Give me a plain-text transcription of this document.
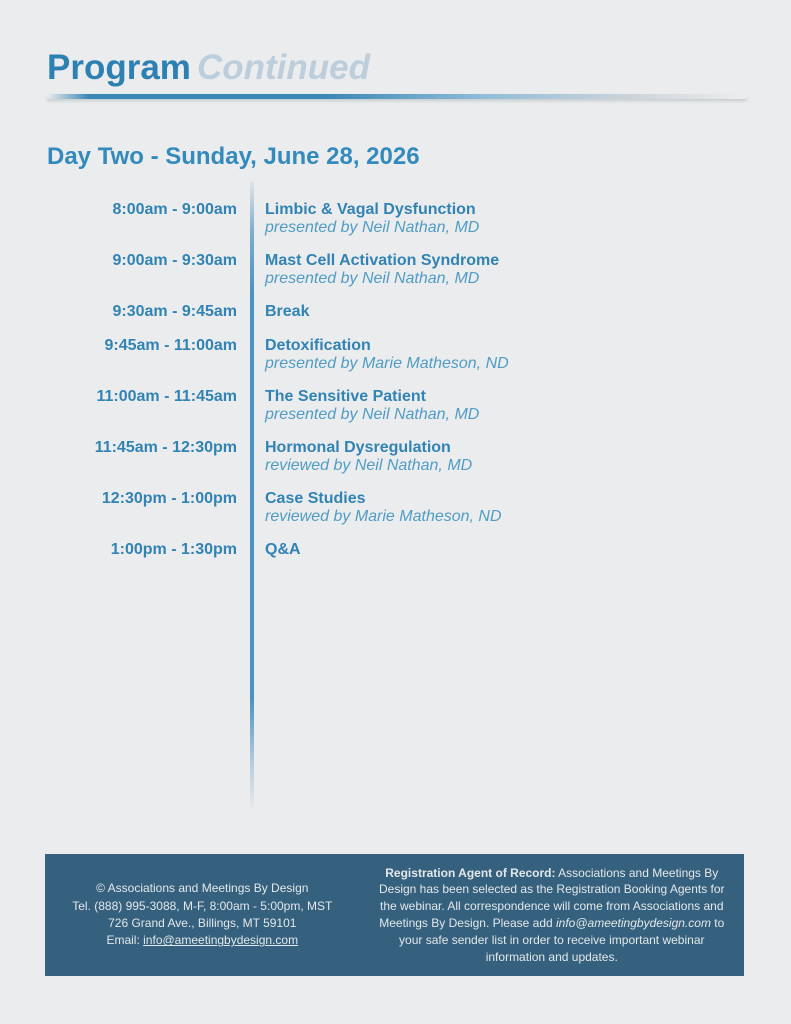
Program Continued
Day Two - Sunday, June 28, 2026
8:00am - 9:00am Limbic & Vagal Dysfunction
presented by Neil Nathan, MD
9:00am - 9:30am Mast Cell Activation Syndrome
presented by Neil Nathan, MD
9:30am - 9:45am Break
9:45am - 11:00am Detoxification
presented by Marie Matheson, ND
11:00am - 11:45am The Sensitive Patient
presented by Neil Nathan, MD
11:45am - 12:30pm Hormonal Dysregulation
reviewed by Neil Nathan, MD
12:30pm - 1:00pm Case Studies
reviewed by Marie Matheson, ND
1:00pm - 1:30pm Q&A
© Associations and Meetings By Design
Tel. (888) 995-3088, M-F, 8:00am - 5:00pm, MST
726 Grand Ave., Billings, MT 59101
Email: info@ameetingbydesign.com

Registration Agent of Record: Associations and Meetings By Design has been selected as the Registration Booking Agents for the webinar. All correspondence will come from Associations and Meetings By Design. Please add info@ameetingbydesign.com to your safe sender list in order to receive important webinar information and updates.
